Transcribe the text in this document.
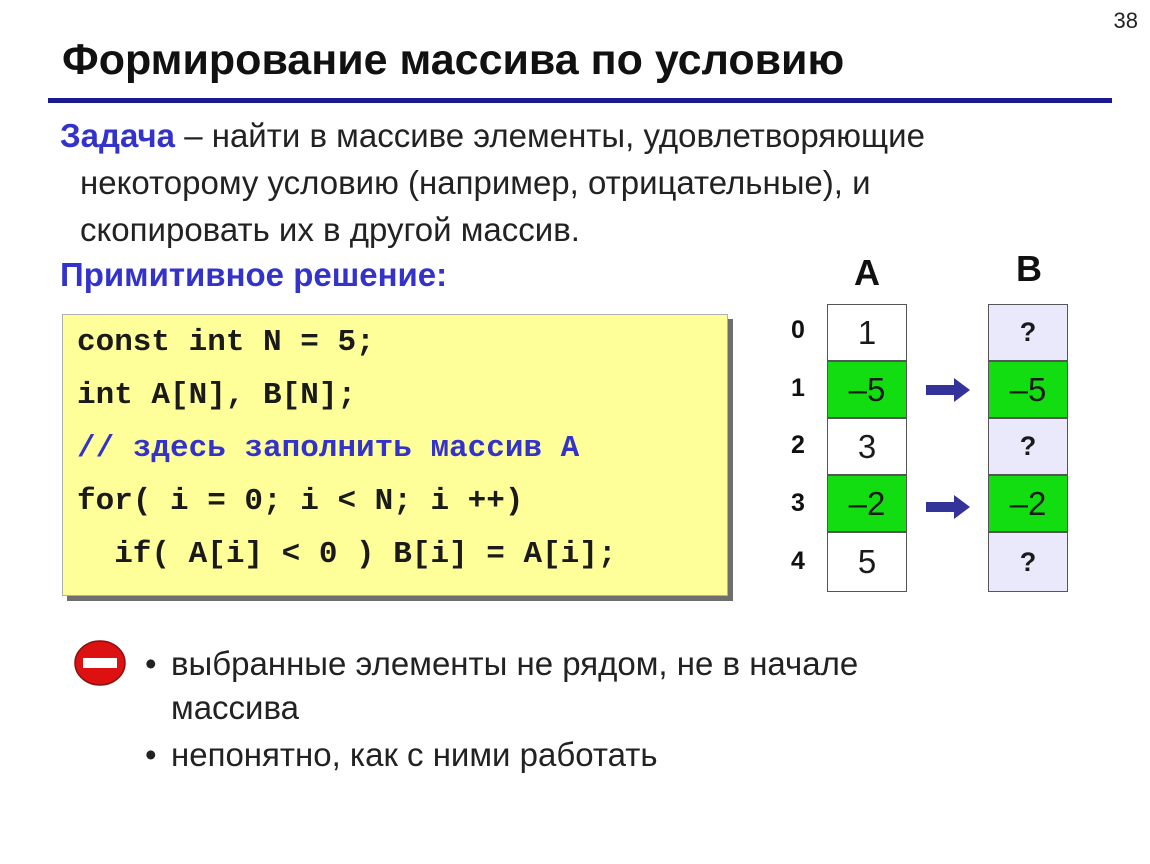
38
Формирование массива по условию
Задача – найти в массиве элементы, удовлетворяющие
некоторому условию (например, отрицательные), и
скопировать их в другой массив.
Примитивное решение:
const int N = 5;
int A[N], B[N];
// здесь заполнить массив A
for( i = 0; i < N; i ++)
if( A[i] < 0 ) B[i] = A[i];
A	B
0
1
2
3
4
1
–5
3
–2
5
?
–5
?
–2
?
• выбранные элементы не рядом, не в начале
массива
• непонятно, как с ними работать
